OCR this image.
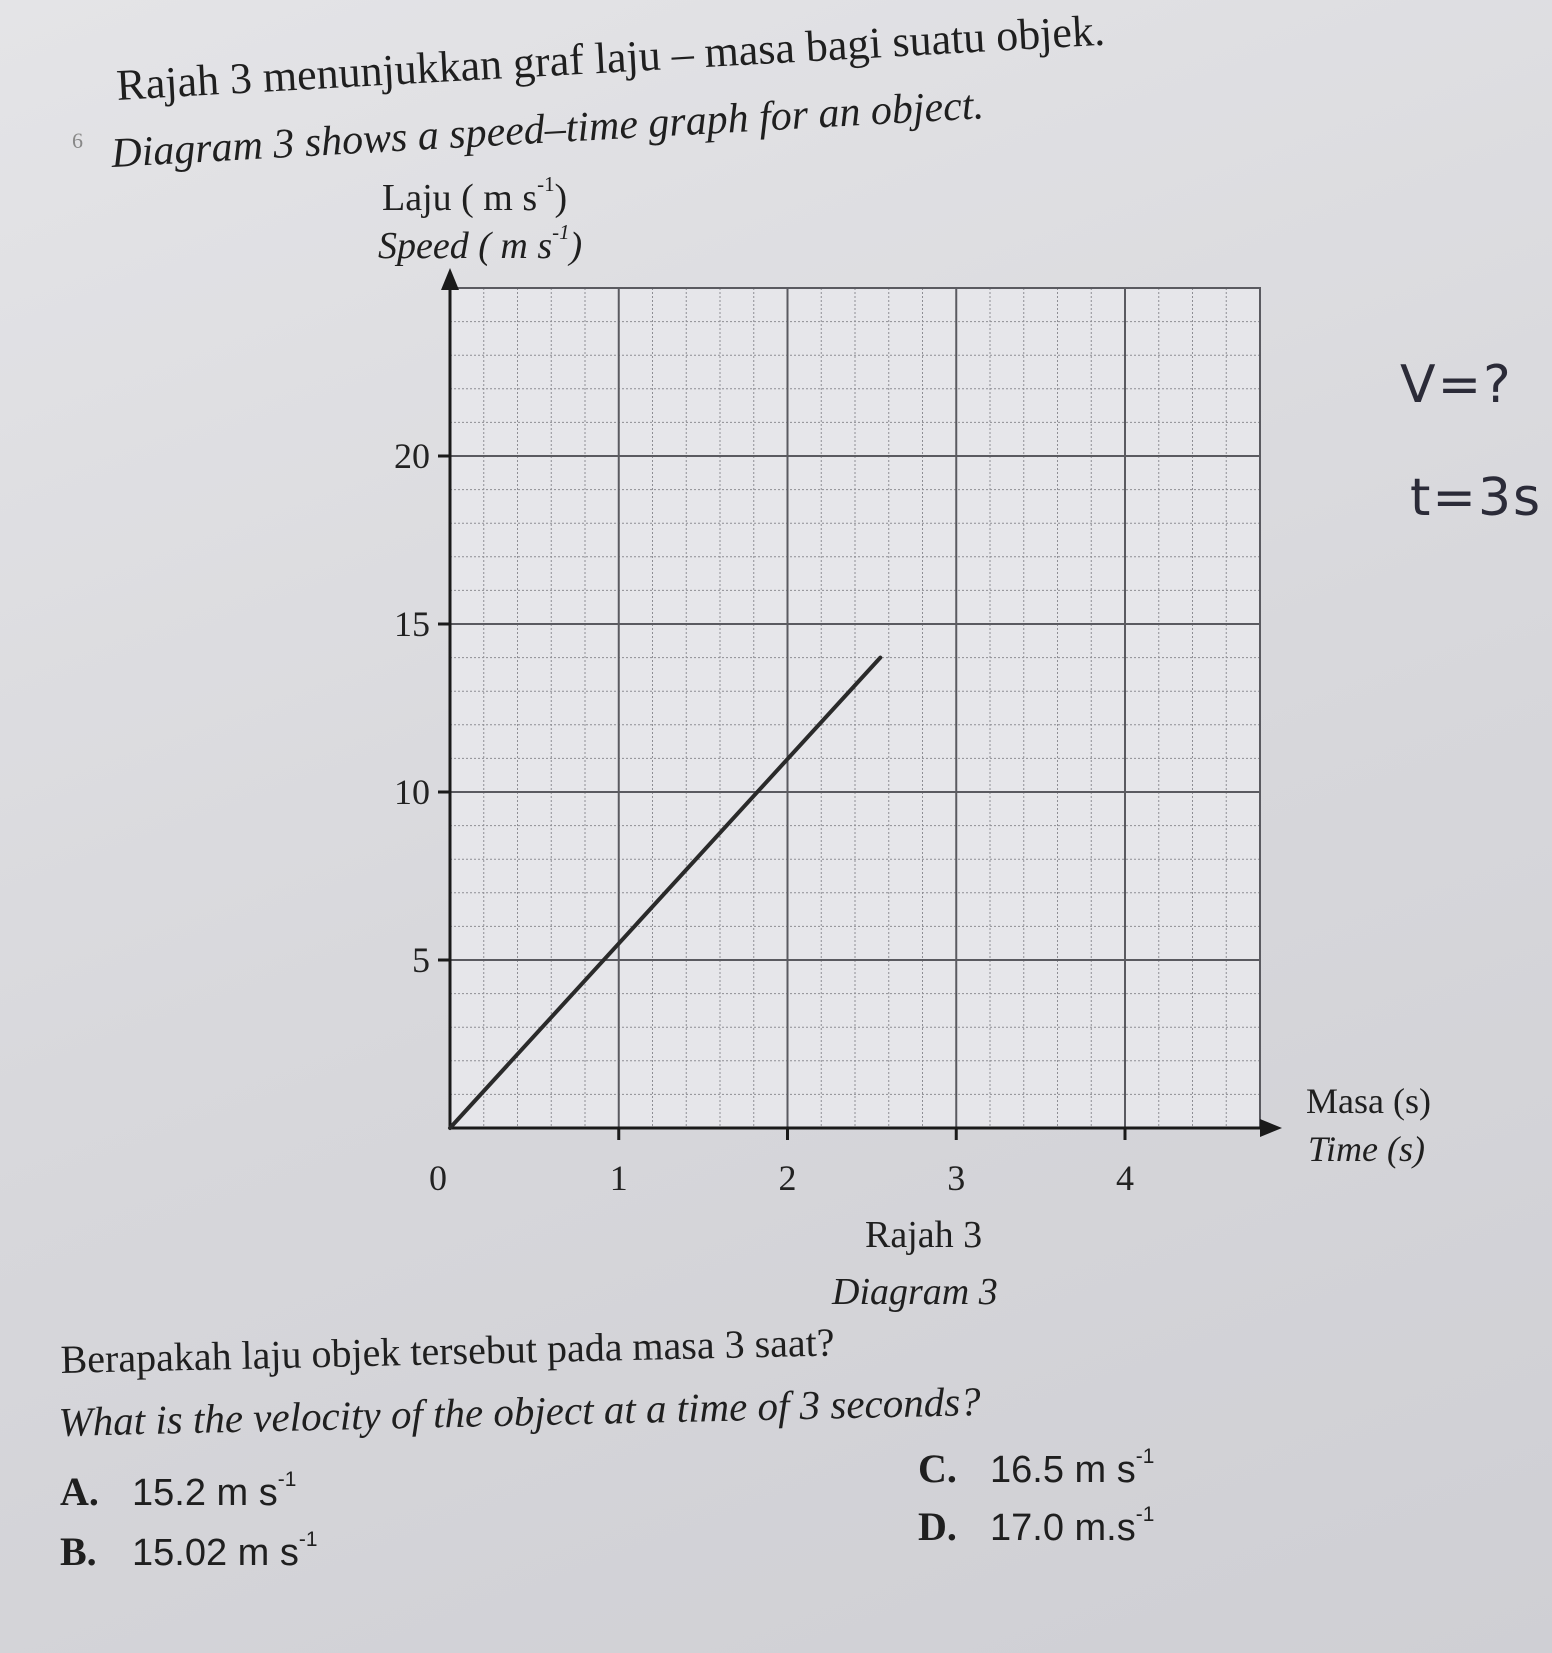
6
Rajah 3 menunjukkan graf laju – masa bagi suatu objek.
Diagram 3 shows a speed–time graph for an object.
Laju ( m $s^{-1}$)
Speed ( m $s^{-1}$)
5
10
15
20
0	1	2	3	4
Masa (s)
Time (s)
Rajah 3
Diagram 3
Berapakah laju objek tersebut pada masa 3 saat?
What is the velocity of the object at a time of 3 seconds?
A. 15.2 m $s^{-1}$
B. 15.02 m $s^{-1}$
C. 16.5 m $s^{-1}$
D. 17.0 $m.s^{-1}$
V=?
t=3s
